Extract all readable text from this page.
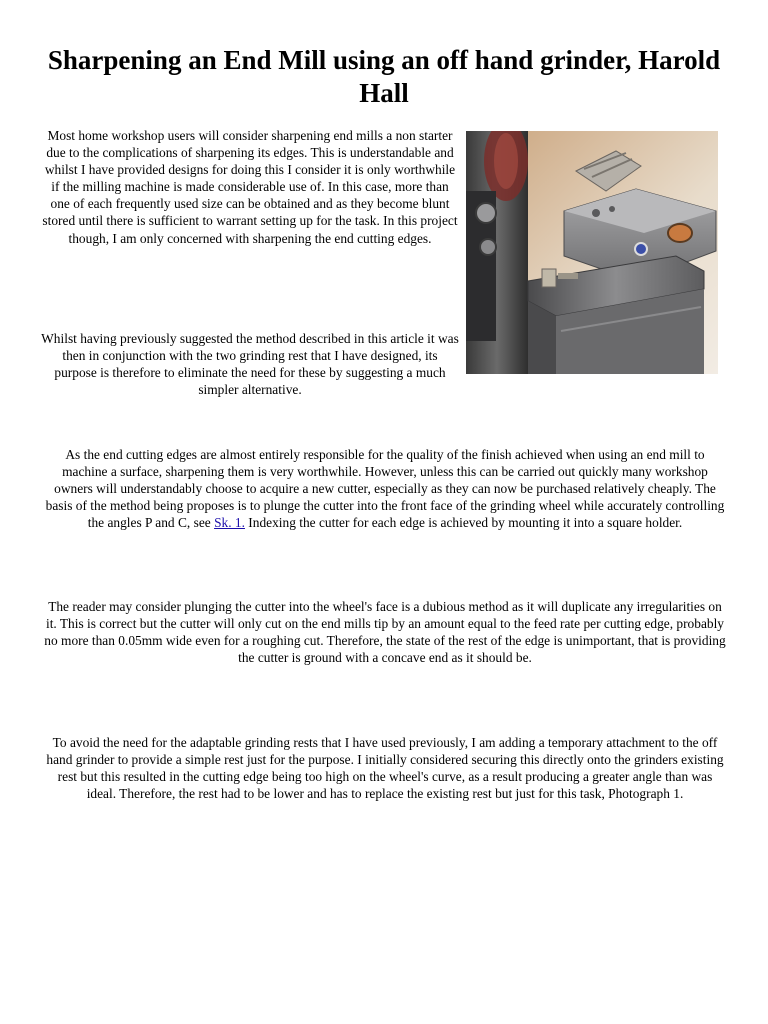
Sharpening an End Mill using an off hand grinder, Harold Hall

Most home workshop users will consider sharpening end mills a non starter due to the complications of sharpening its edges. This is understandable and whilst I have provided designs for doing this I consider it is only worthwhile if the milling machine is made considerable use of. In this case, more than one of each frequently used size can be obtained and as they become blunt stored until there is sufficient to warrant setting up for the task. In this project though, I am only concerned with sharpening the end cutting edges.

Whilst having previously suggested the method described in this article it was then in conjunction with the two grinding rest that I have designed, its purpose is therefore to eliminate the need for these by suggesting a much simpler alternative.

As the end cutting edges are almost entirely responsible for the quality of the finish achieved when using an end mill to machine a surface, sharpening them is very worthwhile. However, unless this can be carried out quickly many workshop owners will understandably choose to acquire a new cutter, especially as they can now be purchased relatively cheaply. The basis of the method being proposes is to plunge the cutter into the front face of the grinding wheel while accurately controlling the angles P and C, see Sk. 1. Indexing the cutter for each edge is achieved by mounting it into a square holder.

The reader may consider plunging the cutter into the wheel's face is a dubious method as it will duplicate any irregularities on it. This is correct but the cutter will only cut on the end mills tip by an amount equal to the feed rate per cutting edge, probably no more than 0.05mm wide even for a roughing cut. Therefore, the state of the rest of the edge is unimportant, that is providing the cutter is ground with a concave end as it should be.

To avoid the need for the adaptable grinding rests that I have used previously, I am adding a temporary attachment to the off hand grinder to provide a simple rest just for the purpose. I initially considered securing this directly onto the grinders existing rest but this resulted in the cutting edge being too high on the wheel's curve, as a result producing a greater angle than was ideal. Therefore, the rest had to be lower and has to replace the existing rest but just for this task, Photograph 1.
